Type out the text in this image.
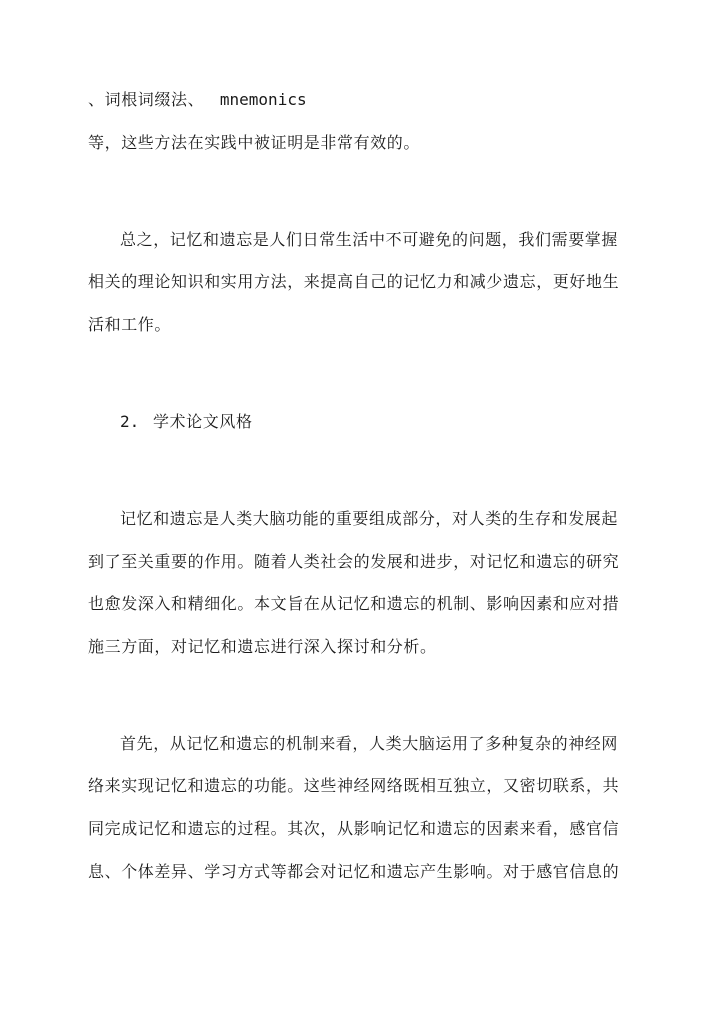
、词根词缀法、 mnemonics
等，这些方法在实践中被证明是非常有效的。
总之，记忆和遗忘是人们日常生活中不可避免的问题，我们需要掌握
相关的理论知识和实用方法，来提高自己的记忆力和减少遗忘，更好地生
活和工作。
2. 学术论文风格
记忆和遗忘是人类大脑功能的重要组成部分，对人类的生存和发展起
到了至关重要的作用。随着人类社会的发展和进步，对记忆和遗忘的研究
也愈发深入和精细化。本文旨在从记忆和遗忘的机制、影响因素和应对措
施三方面，对记忆和遗忘进行深入探讨和分析。
首先，从记忆和遗忘的机制来看，人类大脑运用了多种复杂的神经网
络来实现记忆和遗忘的功能。这些神经网络既相互独立，又密切联系，共
同完成记忆和遗忘的过程。其次，从影响记忆和遗忘的因素来看，感官信
息、个体差异、学习方式等都会对记忆和遗忘产生影响。对于感官信息的
